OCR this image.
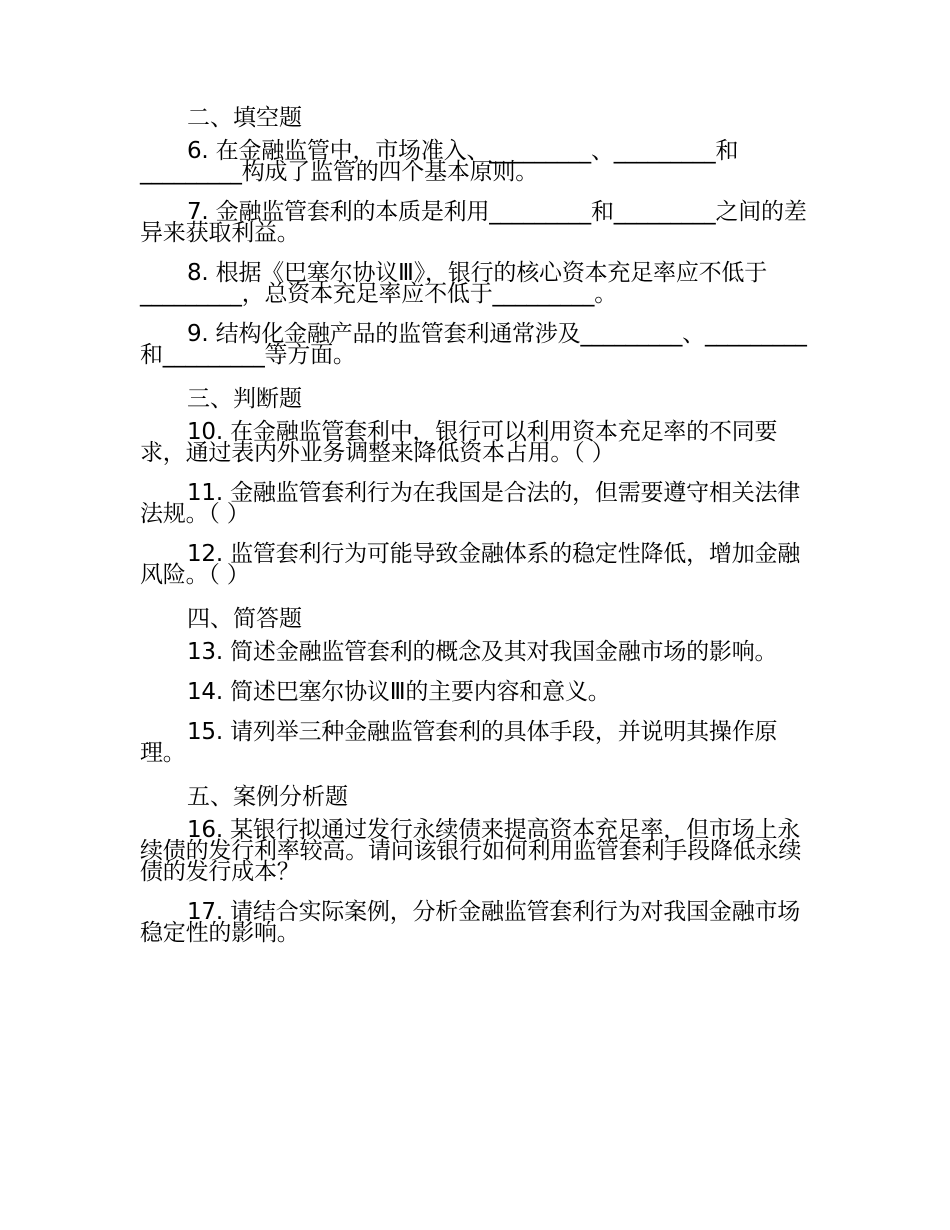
二、填空题

6. 在金融监管中，市场准入、_________、_________和_________构成了监管的四个基本原则。

7. 金融监管套利的本质是利用_________和_________之间的差异来获取利益。

8. 根据《巴塞尔协议Ⅲ》，银行的核心资本充足率应不低于_________，总资本充足率应不低于_________。

9. 结构化金融产品的监管套利通常涉及_________、_________和_________等方面。

三、判断题

10. 在金融监管套利中，银行可以利用资本充足率的不同要求，通过表内外业务调整来降低资本占用。（ ）

11. 金融监管套利行为在我国是合法的，但需要遵守相关法律法规。（ ）

12. 监管套利行为可能导致金融体系的稳定性降低，增加金融风险。（ ）

四、简答题

13. 简述金融监管套利的概念及其对我国金融市场的影响。

14. 简述巴塞尔协议Ⅲ的主要内容和意义。

15. 请列举三种金融监管套利的具体手段，并说明其操作原理。

五、案例分析题

16. 某银行拟通过发行永续债来提高资本充足率，但市场上永续债的发行利率较高。请问该银行如何利用监管套利手段降低永续债的发行成本？

17. 请结合实际案例，分析金融监管套利行为对我国金融市场稳定性的影响。
